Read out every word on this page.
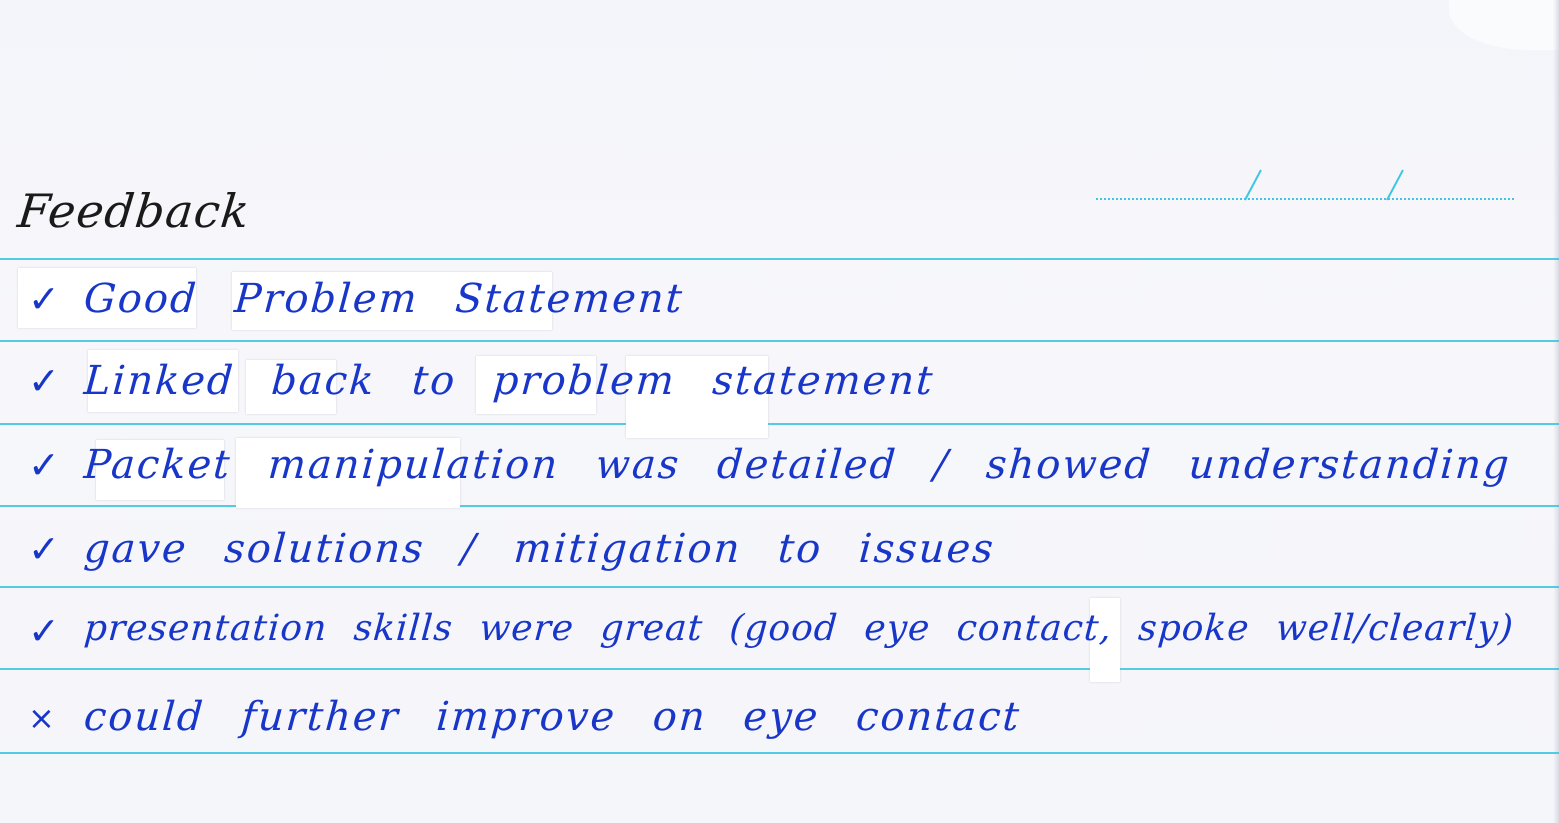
Feedback
✓ Good Problem Statement
✓ Linked back to problem statement
✓ Packet manipulation was detailed / showed understanding
✓ gave solutions / mitigation to issues
✓ presentation skills were great (good eye contact, spoke well/clearly)
× could further improve on eye contact
